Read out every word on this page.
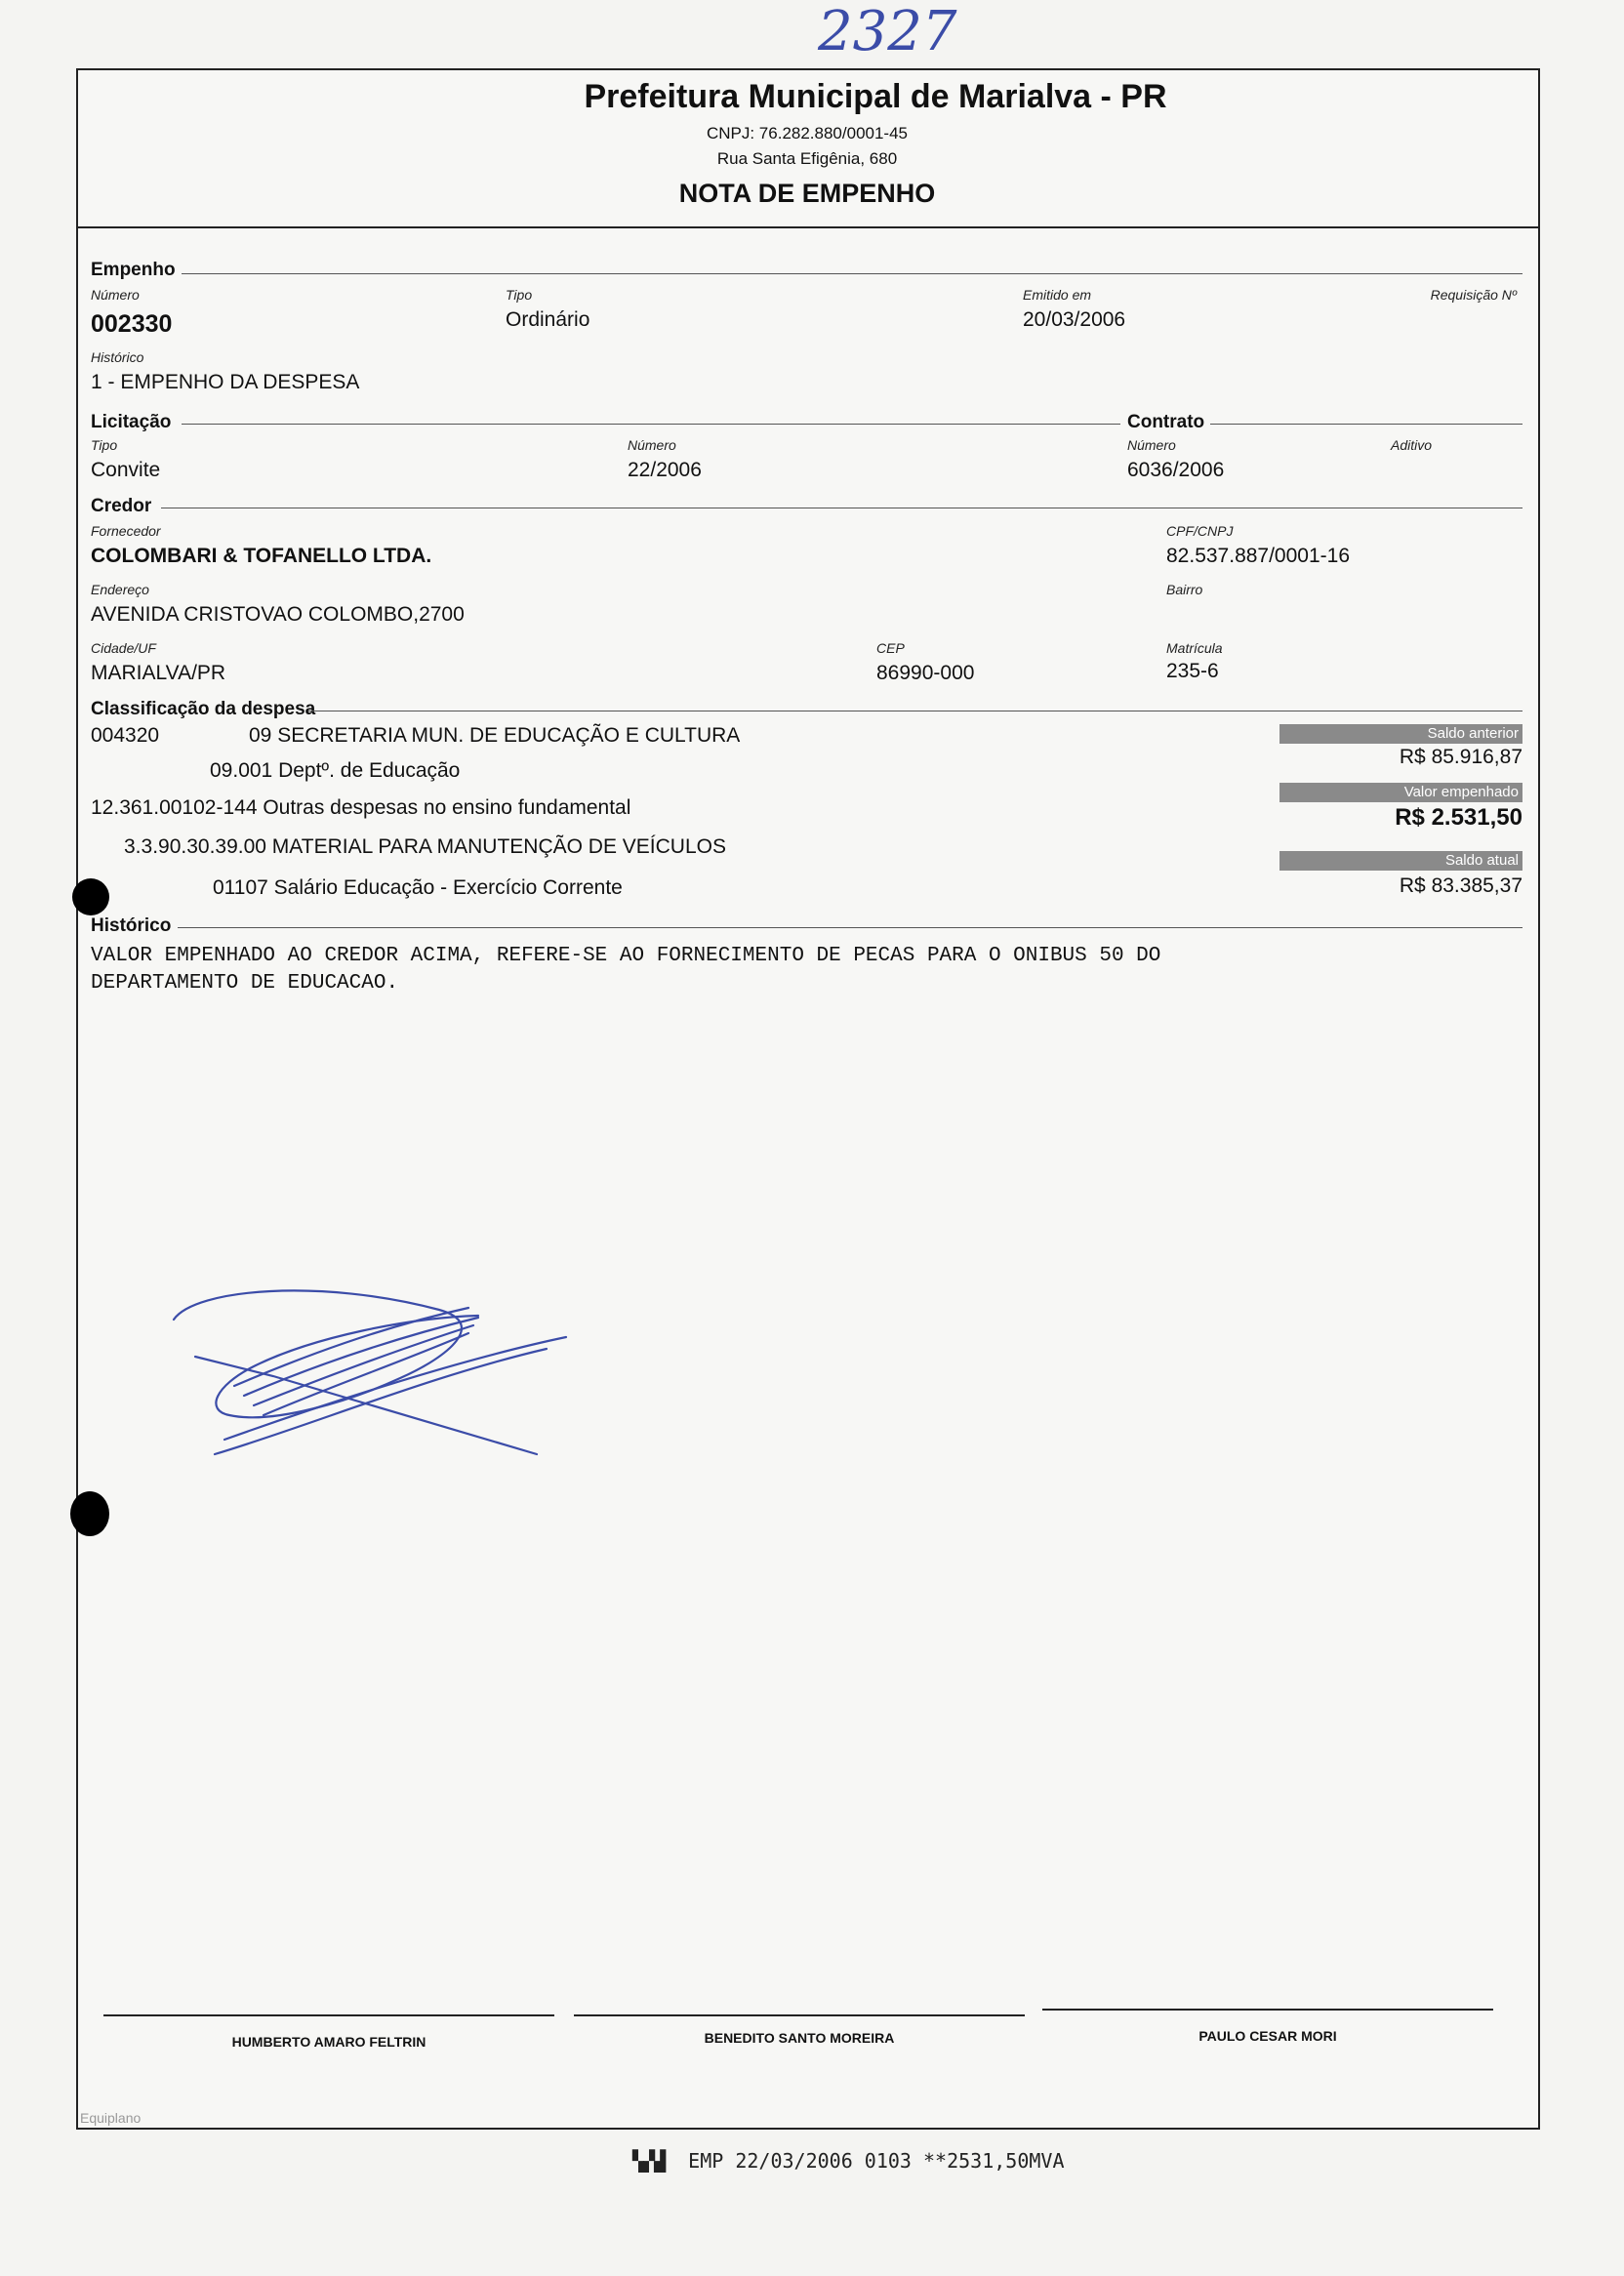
2327
Prefeitura Municipal de Marialva - PR
CNPJ: 76.282.880/0001-45
Rua Santa Efigênia, 680
NOTA DE EMPENHO
Empenho
Número
002330
Tipo
Ordinário
Emitido em
20/03/2006
Requisição Nº
Histórico
1 - EMPENHO DA DESPESA
Licitação	Contrato
Tipo
Convite
Número
22/2006
Número
6036/2006
Aditivo
Credor
Fornecedor
COLOMBARI & TOFANELLO LTDA.
CPF/CNPJ
82.537.887/0001-16
Endereço
AVENIDA CRISTOVAO COLOMBO,2700
Bairro
Cidade/UF
MARIALVA/PR
CEP
86990-000
Matrícula
235-6
Classificação da despesa
004320	09 SECRETARIA MUN. DE EDUCAÇÃO E CULTURA
09.001 Deptº. de Educação
12.361.00102-144 Outras despesas no ensino fundamental
3.3.90.30.39.00 MATERIAL PARA MANUTENÇÃO DE VEÍCULOS
01107 Salário Educação - Exercício Corrente
Saldo anterior
R$ 85.916,87
Valor empenhado
R$ 2.531,50
Saldo atual
R$ 83.385,37
Histórico
VALOR EMPENHADO AO CREDOR ACIMA, REFERE-SE AO FORNECIMENTO DE PECAS PARA O ONIBUS 50 DO
DEPARTAMENTO DE EDUCACAO.
HUMBERTO AMARO FELTRIN	BENEDITO SANTO MOREIRA	PAULO CESAR MORI
Equiplano
▚▞▟ EMP 22/03/2006 0103 **2531,50MVA
